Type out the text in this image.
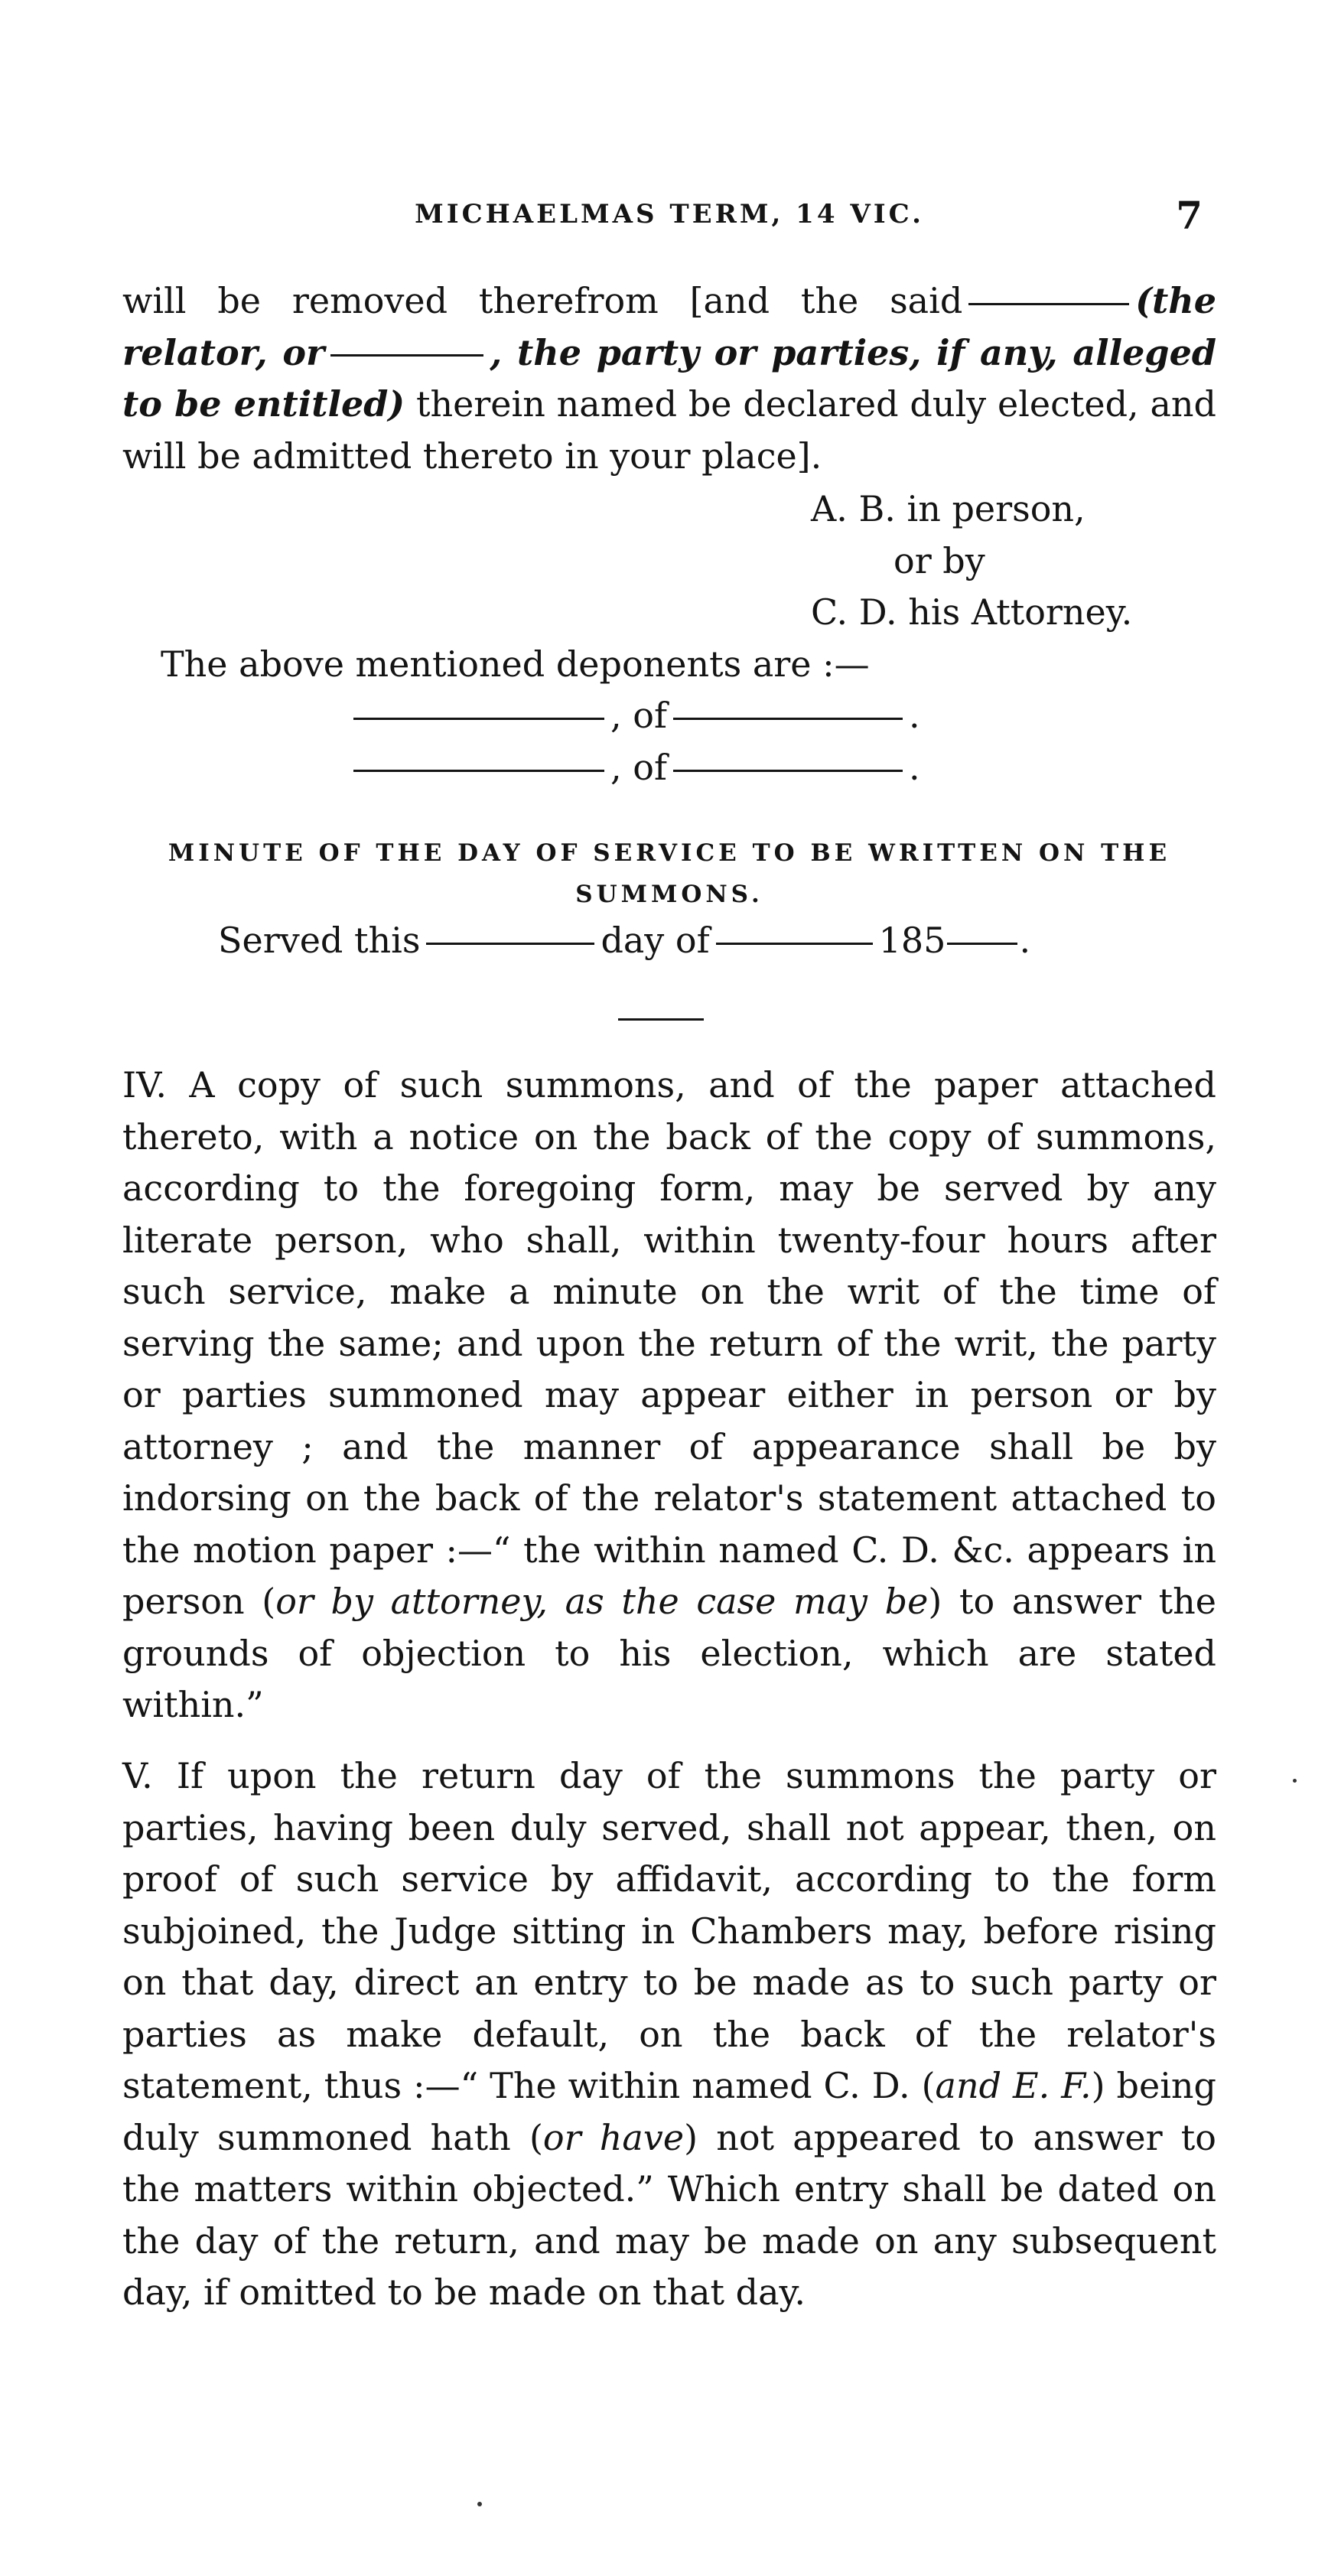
MICHAELMAS TERM, 14 VIC.	7

will be removed therefrom [and the said	(the relator, or	, the party or parties, if any, alleged to be entitled) therein named be declared duly elected, and will be admitted thereto in your place].

A. B. in person,
or by
C. D. his Attorney.
The above mentioned deponents are :—
, of	.
, of	.
MINUTE OF THE DAY OF SERVICE TO BE WRITTEN ON THE SUMMONS.
Served this	day of	185 .

IV. A copy of such summons, and of the paper attached thereto, with a notice on the back of the copy of summons, according to the foregoing form, may be served by any literate person, who shall, within twenty-four hours after such service, make a minute on the writ of the time of serving the same; and upon the return of the writ, the party or parties summoned may appear either in person or by attorney ; and the manner of appearance shall be by indorsing on the back of the relator's statement attached to the motion paper :—“ the within named C. D. &c. appears in person (or by attorney, as the case may be) to answer the grounds of objection to his election, which are stated within.”

V. If upon the return day of the summons the party or parties, having been duly served, shall not appear, then, on proof of such service by affidavit, according to the form subjoined, the Judge sitting in Chambers may, before rising on that day, direct an entry to be made as to such party or parties as make default, on the back of the relator's statement, thus :—“ The within named C. D. (and E. F.) being duly summoned hath (or have) not appeared to answer to the matters within objected.” Which entry shall be dated on the day of the return, and may be made on any subsequent day, if omitted to be made on that day.
